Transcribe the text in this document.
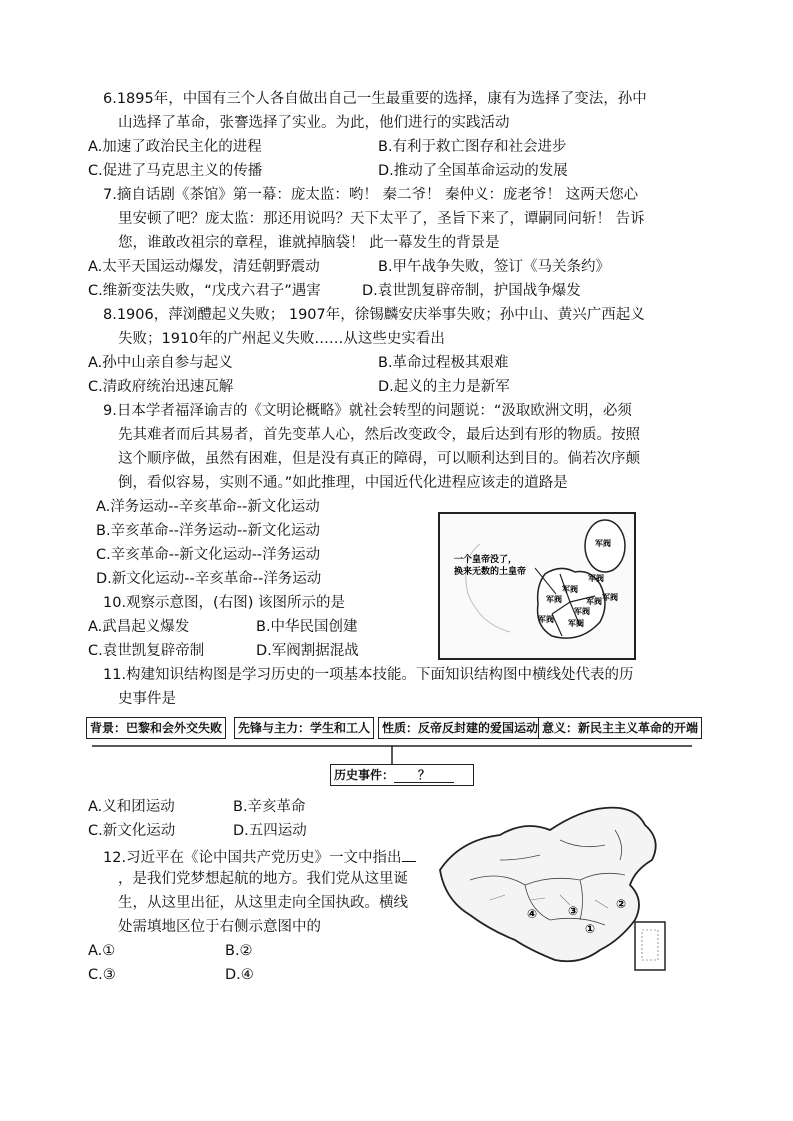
6.1895年，中国有三个人各自做出自己一生最重要的选择，康有为选择了变法，孙中
山选择了革命，张謇选择了实业。为此，他们进行的实践活动
A.加速了政治民主化的进程	B.有利于救亡图存和社会进步
C.促进了马克思主义的传播	D.推动了全国革命运动的发展
7.摘自话剧《茶馆》第一幕：庞太监：哟！ 秦二爷！ 秦仲义：庞老爷！ 这两天您心
里安顿了吧？庞太监：那还用说吗？天下太平了，圣旨下来了，谭嗣同问斩！ 告诉
您，谁敢改祖宗的章程，谁就掉脑袋！ 此一幕发生的背景是
A.太平天国运动爆发，清廷朝野震动	B.甲午战争失败，签订《马关条约》
C.维新变法失败，“戊戌六君子”遇害	D.袁世凯复辟帝制，护国战争爆发
8.1906，萍浏醴起义失败； 1907年，徐锡麟安庆举事失败；孙中山、黄兴广西起义
失败；1910年的广州起义失败……从这些史实看出
A.孙中山亲自参与起义	B.革命过程极其艰难
C.清政府统治迅速瓦解	D.起义的主力是新军
9.日本学者福泽谕吉的《文明论概略》就社会转型的问题说：“汲取欧洲文明，必须
先其难者而后其易者，首先变革人心，然后改变政令，最后达到有形的物质。按照
这个顺序做，虽然有困难，但是没有真正的障碍，可以顺利达到目的。倘若次序颠
倒，看似容易，实则不通。”如此推理，中国近代化进程应该走的道路是
A.洋务运动--辛亥革命--新文化运动
B.辛亥革命--洋务运动--新文化运动
C.辛亥革命--新文化运动--洋务运动
D.新文化运动--辛亥革命--洋务运动
10.观察示意图，(右图) 该图所示的是
A.武昌起义爆发	B.中华民国创建
C.袁世凯复辟帝制	D.军阀割据混战
军阀
军阀
军阀
军阀
军阀
军阀	军阀
军阀 军阀
一个皇帝没了，
换来无数的土皇帝
11.构建知识结构图是学习历史的一项基本技能。下面知识结构图中横线处代表的历
史事件是
背景：巴黎和会外交失败	先锋与主力：学生和工人 性质：反帝反封建的爱国运动 意义：新民主主义革命的开端
历史事件： ？
A.义和团运动	B.辛亥革命
C.新文化运动	D.五四运动
12.习近平在《论中国共产党历史》一文中指出
，是我们党梦想起航的地方。我们党从这里诞
生，从这里出征，从这里走向全国执政。横线
处需填地区位于右侧示意图中的
A.①	B.②
C.③	D.④
④	③
①
②
